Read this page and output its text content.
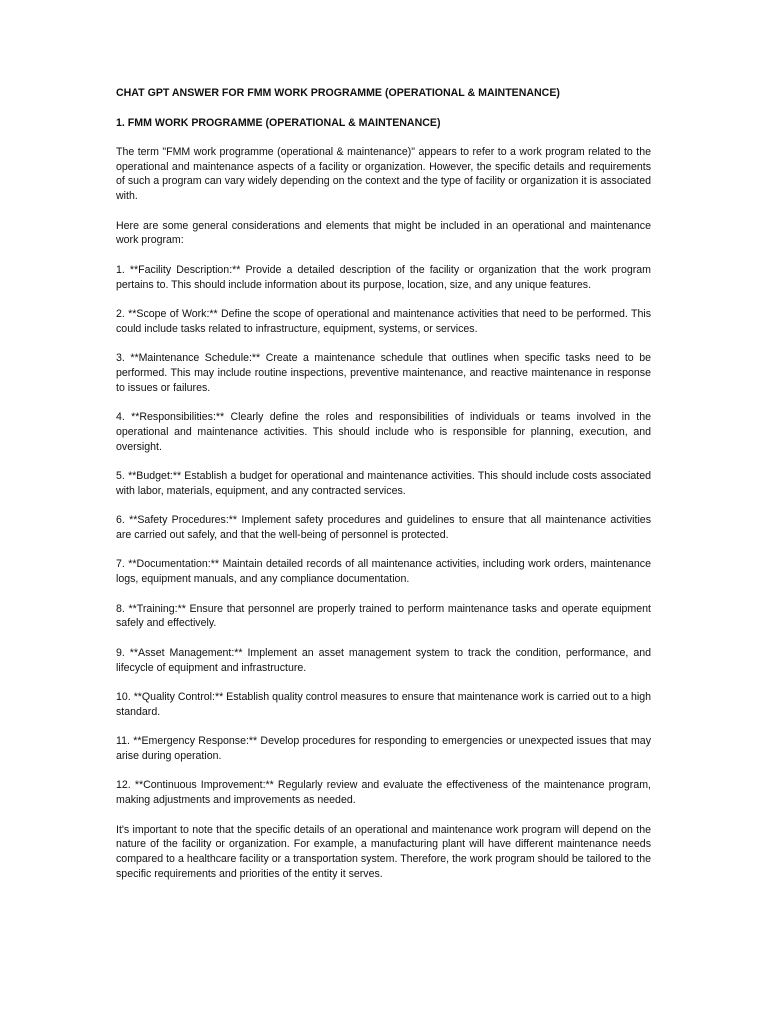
CHAT GPT ANSWER FOR FMM WORK PROGRAMME (OPERATIONAL & MAINTENANCE)
1. FMM WORK PROGRAMME (OPERATIONAL & MAINTENANCE)

The term "FMM work programme (operational & maintenance)" appears to refer to a work program related to the operational and maintenance aspects of a facility or organization. However, the specific details and requirements of such a program can vary widely depending on the context and the type of facility or organization it is associated with.

Here are some general considerations and elements that might be included in an operational and maintenance work program:

1. **Facility Description:** Provide a detailed description of the facility or organization that the work program pertains to. This should include information about its purpose, location, size, and any unique features.

2. **Scope of Work:** Define the scope of operational and maintenance activities that need to be performed. This could include tasks related to infrastructure, equipment, systems, or services.

3. **Maintenance Schedule:** Create a maintenance schedule that outlines when specific tasks need to be performed. This may include routine inspections, preventive maintenance, and reactive maintenance in response to issues or failures.

4. **Responsibilities:** Clearly define the roles and responsibilities of individuals or teams involved in the operational and maintenance activities. This should include who is responsible for planning, execution, and oversight.

5. **Budget:** Establish a budget for operational and maintenance activities. This should include costs associated with labor, materials, equipment, and any contracted services.

6. **Safety Procedures:** Implement safety procedures and guidelines to ensure that all maintenance activities are carried out safely, and that the well-being of personnel is protected.

7. **Documentation:** Maintain detailed records of all maintenance activities, including work orders, maintenance logs, equipment manuals, and any compliance documentation.

8. **Training:** Ensure that personnel are properly trained to perform maintenance tasks and operate equipment safely and effectively.

9. **Asset Management:** Implement an asset management system to track the condition, performance, and lifecycle of equipment and infrastructure.

10. **Quality Control:** Establish quality control measures to ensure that maintenance work is carried out to a high standard.

11. **Emergency Response:** Develop procedures for responding to emergencies or unexpected issues that may arise during operation.

12. **Continuous Improvement:** Regularly review and evaluate the effectiveness of the maintenance program, making adjustments and improvements as needed.

It's important to note that the specific details of an operational and maintenance work program will depend on the nature of the facility or organization. For example, a manufacturing plant will have different maintenance needs compared to a healthcare facility or a transportation system. Therefore, the work program should be tailored to the specific requirements and priorities of the entity it serves.
